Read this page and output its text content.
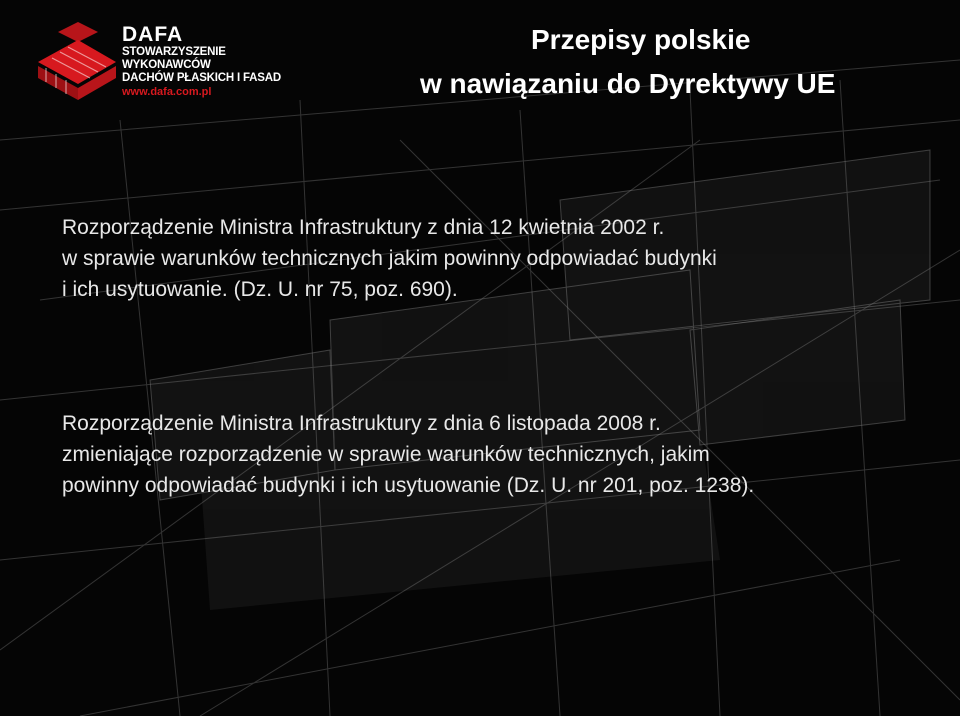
DAFA
STOWARZYSZENIE WYKONAWCÓW
DACHÓW PŁASKICH I FASAD
www.dafa.com.pl
Przepisy polskie
w nawiązaniu do Dyrektywy UE
Rozporządzenie Ministra Infrastruktury z dnia 12 kwietnia 2002 r.
w sprawie warunków technicznych jakim powinny odpowiadać budynki
i ich usytuowanie. (Dz. U. nr 75, poz. 690).
Rozporządzenie Ministra Infrastruktury z dnia 6 listopada 2008 r.
zmieniające rozporządzenie w sprawie warunków technicznych, jakim
powinny odpowiadać budynki i ich usytuowanie (Dz. U. nr 201, poz. 1238).
